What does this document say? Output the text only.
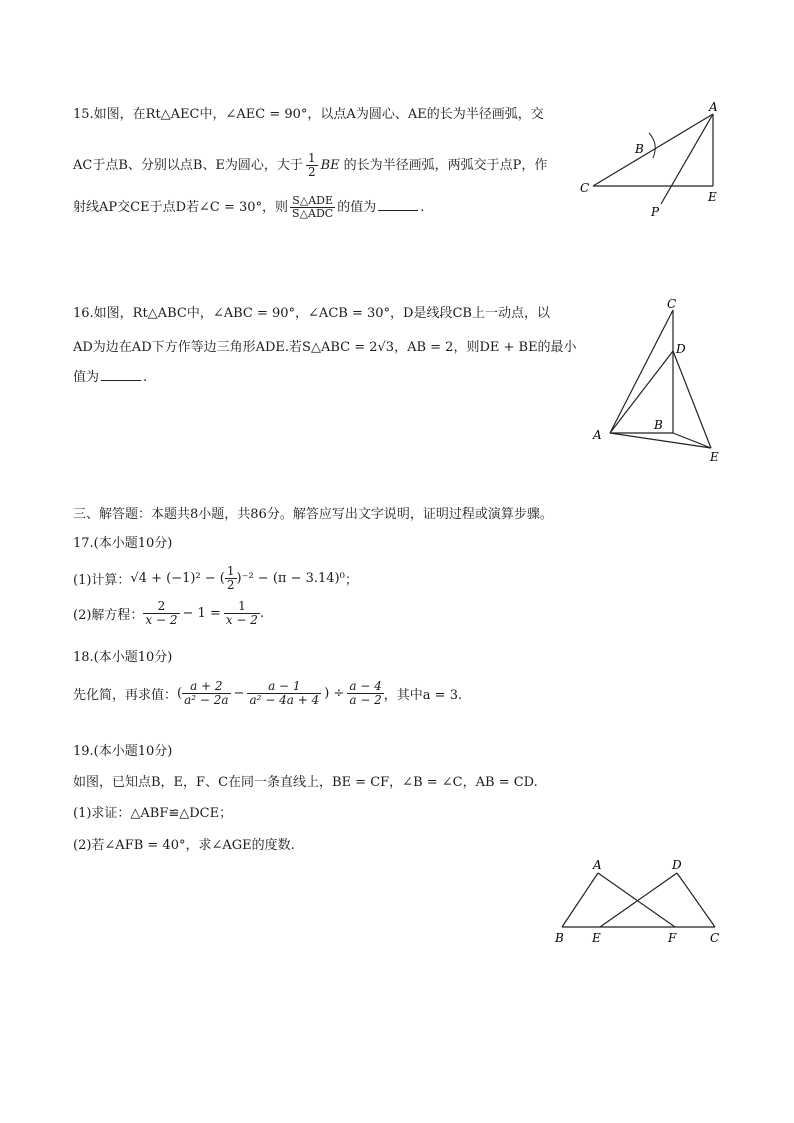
15.如图，在Rt△AEC中，∠AEC = 90°，以点A为圆心、AE的长为半径画弧，交
AC于点B、分别以点B、E为圆心，大于 $\frac{1}{2}$ BE 的长为半径画弧，两弧交于点P，作
射线AP交CE于点D若∠C = 30°，则 $\frac{\text{S△ADE}}{\text{S△ADC}}$ 的值为	.
A
B
C
E
P
16.如图，Rt△ABC中，∠ABC = 90°，∠ACB = 30°，D是线段CB上一动点，以
AD为边在AD下方作等边三角形ADE.若S△ABC = 2√3，AB = 2，则DE + BE的最小
值为	.
C
D
A
B
E
三、解答题：本题共8小题，共86分。解答应写出文字说明，证明过程或演算步骤。
17.(本小题10分)
(1)计算：√4 + (−1)² − ( $\frac{1}{2} )^{-2} - (\pi - 3.14)^0$；
(2)解方程： $\frac{2}{x - 2} - 1 = \frac{1}{x - 2}$ .
18.(本小题10分)
先化简，再求值：( $\frac{a + 2}{\text{a² − 2a}} - \frac{a - 1}{\text{a² − 4a + 4}}$ ) ÷ $\frac{a - 4}{a - 2}$ ，其中a = 3.
19.(本小题10分)
如图，已知点B，E，F、C在同一条直线上，BE = CF，∠B = ∠C，AB = CD.
(1)求证：△ABF≌△DCE；
(2)若∠AFB = 40°，求∠AGE的度数.
A	D
B E	F	C
